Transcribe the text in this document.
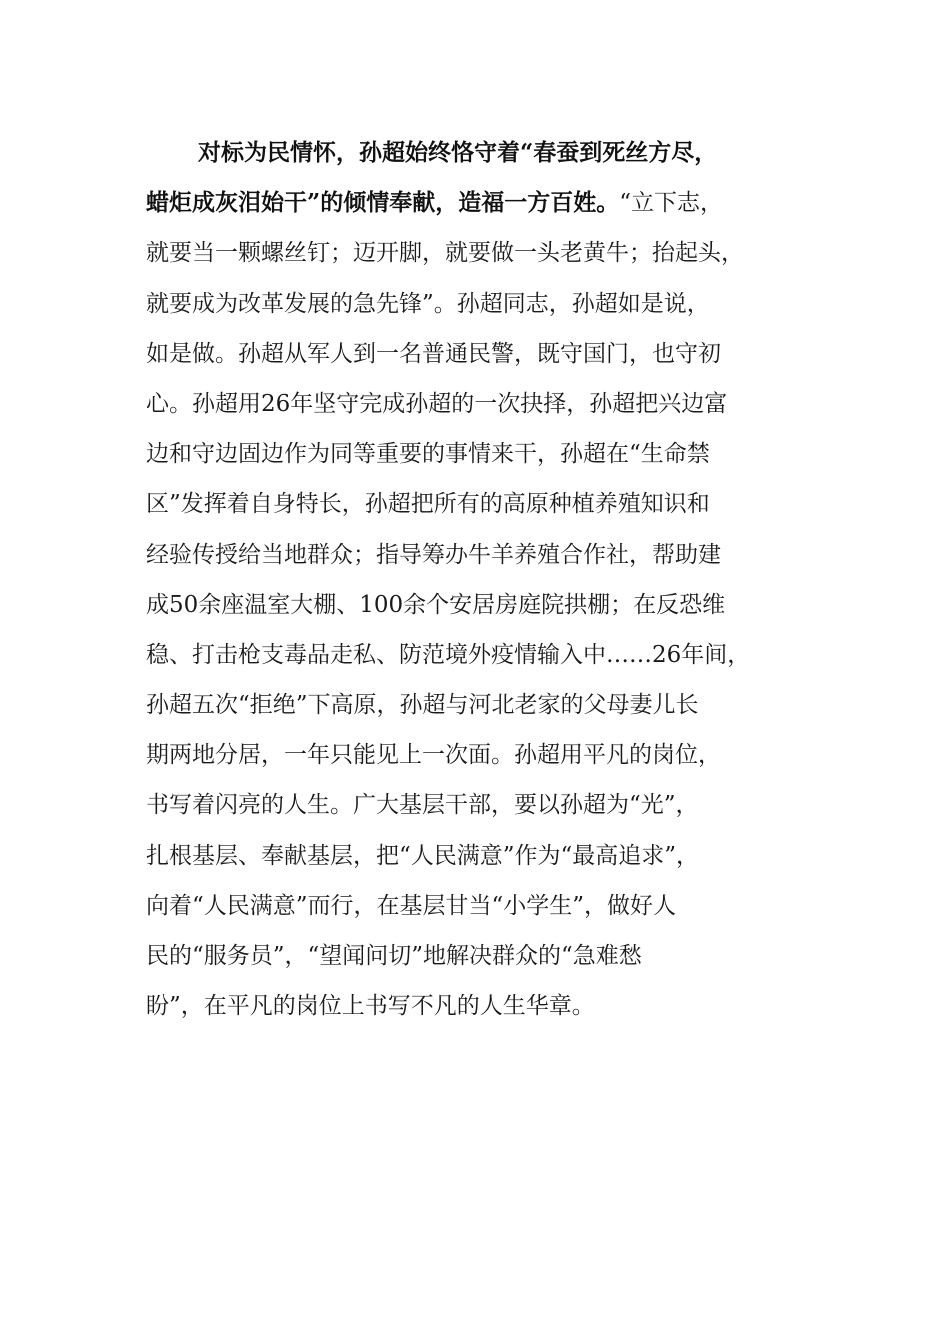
对标为民情怀，孙超始终恪守着“春蚕到死丝方尽，
蜡炬成灰泪始干”的倾情奉献，造福一方百姓。“立下志，
就要当一颗螺丝钉；迈开脚，就要做一头老黄牛；抬起头，
就要成为改革发展的急先锋”。孙超同志，孙超如是说，
如是做。孙超从军人到一名普通民警，既守国门，也守初
心。孙超用26年坚守完成孙超的一次抉择，孙超把兴边富
边和守边固边作为同等重要的事情来干，孙超在“生命禁
区”发挥着自身特长，孙超把所有的高原种植养殖知识和
经验传授给当地群众；指导筹办牛羊养殖合作社，帮助建
成50余座温室大棚、100余个安居房庭院拱棚；在反恐维
稳、打击枪支毒品走私、防范境外疫情输入中……26年间，
孙超五次“拒绝”下高原，孙超与河北老家的父母妻儿长
期两地分居，一年只能见上一次面。孙超用平凡的岗位，
书写着闪亮的人生。广大基层干部，要以孙超为“光”，
扎根基层、奉献基层，把“人民满意”作为“最高追求”，
向着“人民满意”而行，在基层甘当“小学生”，做好人
民的“服务员”，“望闻问切”地解决群众的“急难愁
盼”，在平凡的岗位上书写不凡的人生华章。
